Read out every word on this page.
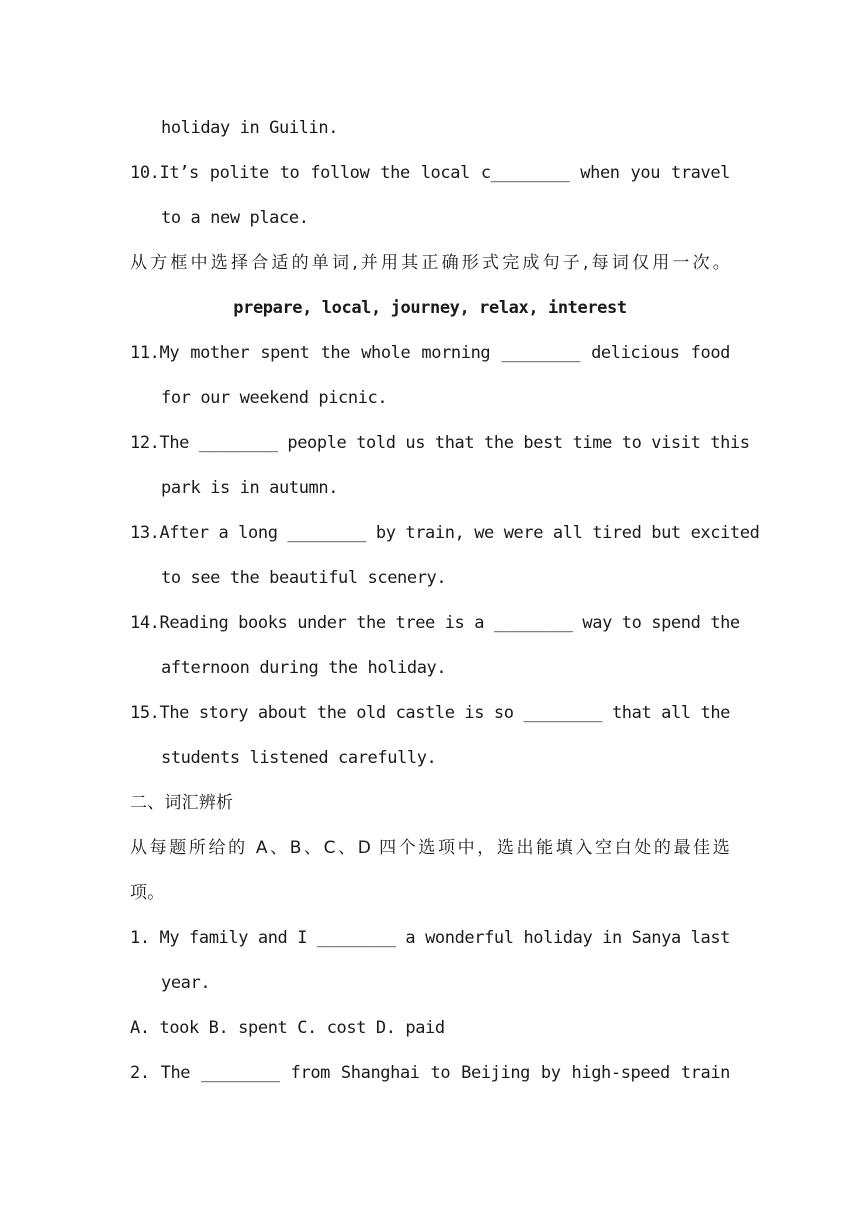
holiday in Guilin.
10.It’s polite to follow the local c________ when you travel
to a new place.
从方框中选择合适的单词,并用其正确形式完成句子,每词仅用一次。
prepare, local, journey, relax, interest
11.My mother spent the whole morning ________ delicious food
for our weekend picnic.
12.The ________ people told us that the best time to visit this
park is in autumn.
13.After a long ________ by train, we were all tired but excited
to see the beautiful scenery.
14.Reading books under the tree is a ________ way to spend the
afternoon during the holiday.
15.The story about the old castle is so ________ that all the
students listened carefully.
二、词汇辨析
从每题所给的 A、B、C、D 四个选项中，选出能填入空白处的最佳选
项。
1. My family and I ________ a wonderful holiday in Sanya last
year.
A. took B. spent C. cost D. paid
2. The ________ from Shanghai to Beijing by high-speed train
